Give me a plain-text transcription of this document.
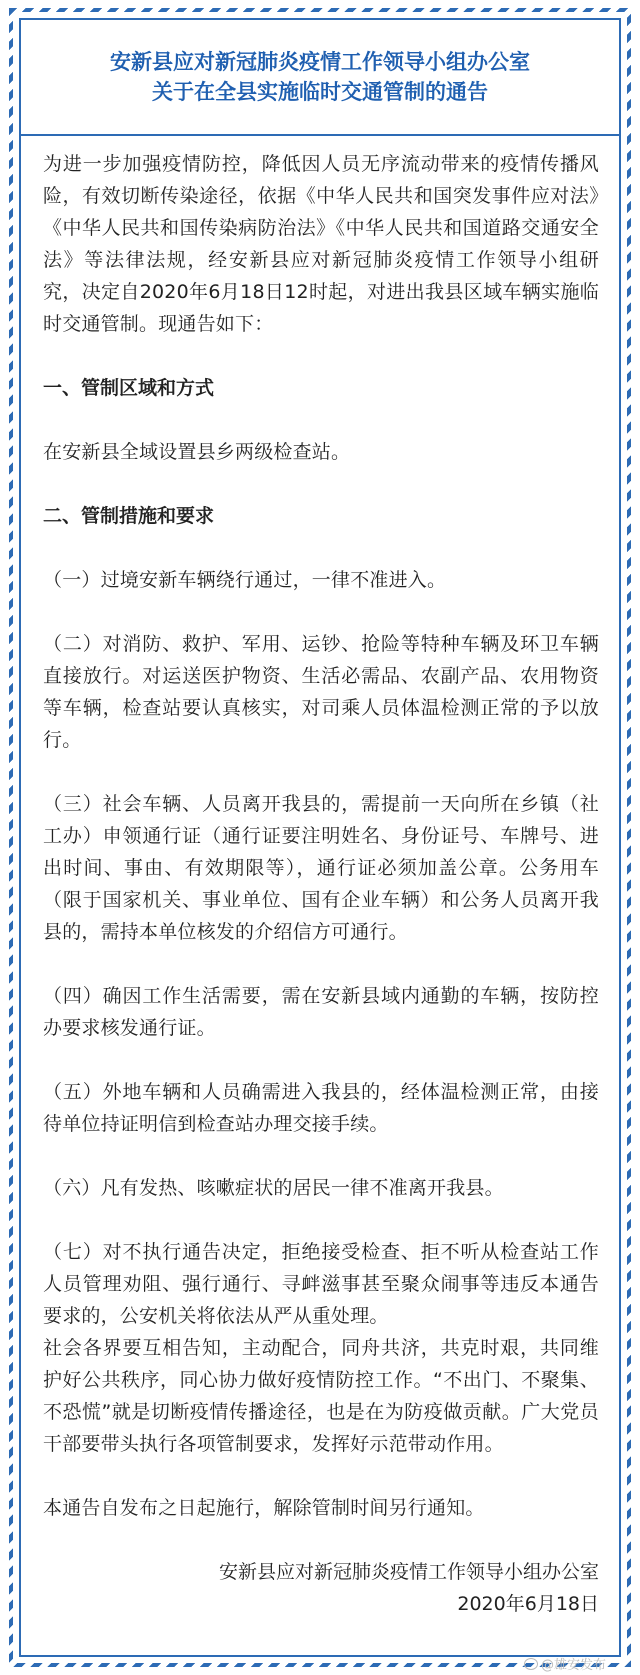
安新县应对新冠肺炎疫情工作领导小组办公室
关于在全县实施临时交通管制的通告

为进一步加强疫情防控，降低因人员无序流动带来的疫情传播风险，有效切断传染途径，依据《中华人民共和国突发事件应对法》《中华人民共和国传染病防治法》《中华人民共和国道路交通安全法》等法律法规，经安新县应对新冠肺炎疫情工作领导小组研究，决定自2020年6月18日12时起，对进出我县区域车辆实施临时交通管制。现通告如下：

一、管制区域和方式

在安新县全域设置县乡两级检查站。

二、管制措施和要求

（一）过境安新车辆绕行通过，一律不准进入。

（二）对消防、救护、军用、运钞、抢险等特种车辆及环卫车辆直接放行。对运送医护物资、生活必需品、农副产品、农用物资等车辆，检查站要认真核实，对司乘人员体温检测正常的予以放行。

（三）社会车辆、人员离开我县的，需提前一天向所在乡镇（社工办）申领通行证（通行证要注明姓名、身份证号、车牌号、进出时间、事由、有效期限等），通行证必须加盖公章。公务用车（限于国家机关、事业单位、国有企业车辆）和公务人员离开我县的，需持本单位核发的介绍信方可通行。

（四）确因工作生活需要，需在安新县域内通勤的车辆，按防控办要求核发通行证。

（五）外地车辆和人员确需进入我县的，经体温检测正常，由接待单位持证明信到检查站办理交接手续。

（六）凡有发热、咳嗽症状的居民一律不准离开我县。

（七）对不执行通告决定，拒绝接受检查、拒不听从检查站工作人员管理劝阻、强行通行、寻衅滋事甚至聚众闹事等违反本通告要求的，公安机关将依法从严从重处理。

社会各界要互相告知，主动配合，同舟共济，共克时艰，共同维护好公共秩序，同心协力做好疫情防控工作。“不出门、不聚集、不恐慌”就是切断疫情传播途径，也是在为防疫做贡献。广大党员干部要带头执行各项管制要求，发挥好示范带动作用。

本通告自发布之日起施行，解除管制时间另行通知。

安新县应对新冠肺炎疫情工作领导小组办公室

2020年6月18日

@雄安发布
